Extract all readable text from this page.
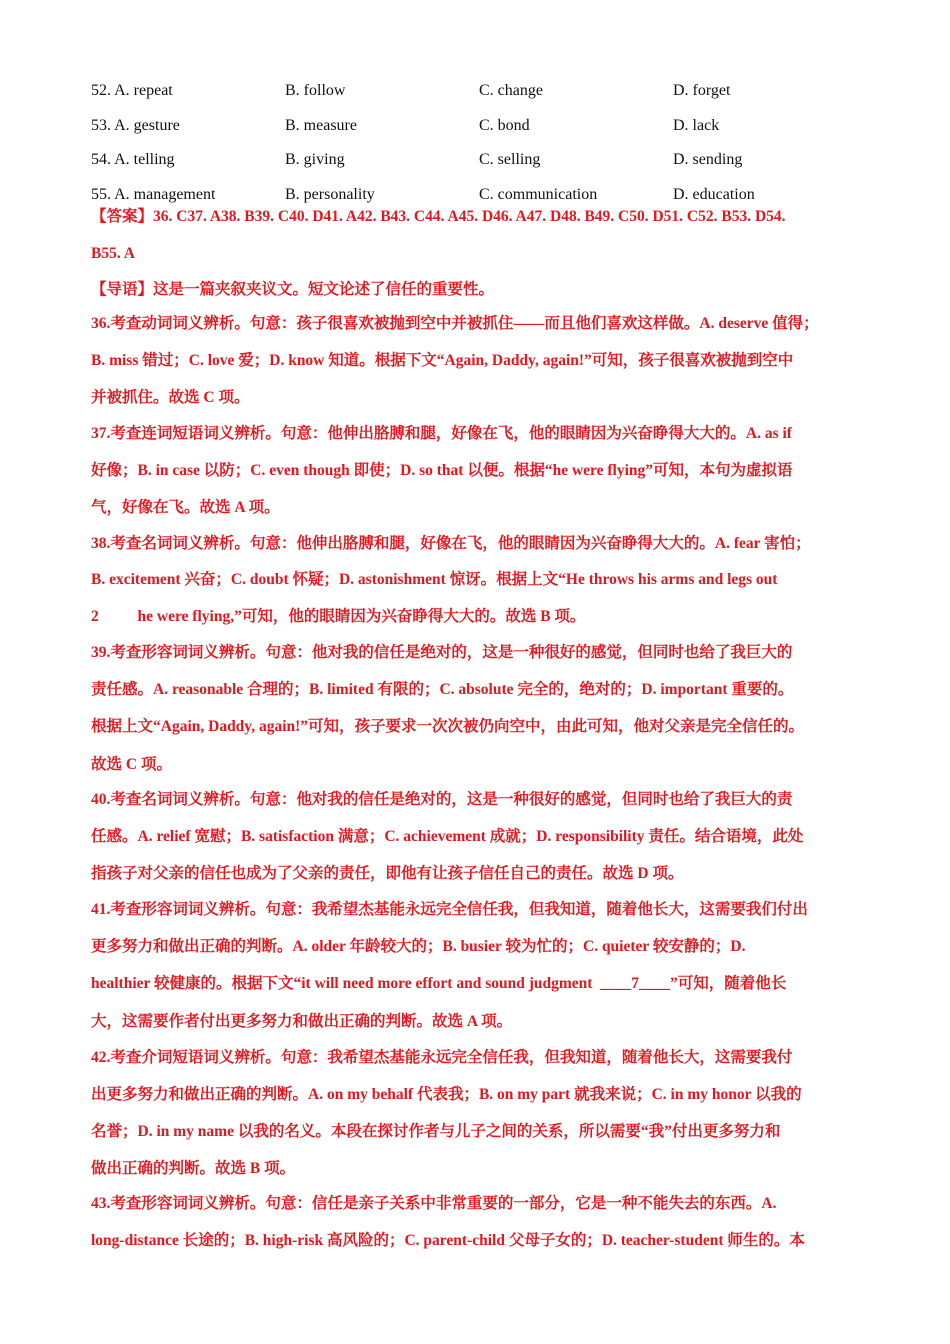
52. A. repeat	B. follow	C. change	D. forget
53. A. gesture	B. measure	C. bond	D. lack
54. A. telling	B. giving	C. selling	D. sending
55. A. management	B. personality	C. communication	D. education
【答案】36. C37. A38. B39. C40. D41. A42. B43. C44. A45. D46. A47. D48. B49. C50. D51. C52. B53. D54.
B55. A
【导语】这是一篇夹叙夹议文。短文论述了信任的重要性。
36.考查动词词义辨析。句意：孩子很喜欢被抛到空中并被抓住——而且他们喜欢这样做。A. deserve 值得；
B. miss 错过；C. love 爱；D. know 知道。根据下文“Again, Daddy, again!”可知，孩子很喜欢被抛到空中
并被抓住。故选 C 项。
37.考查连词短语词义辨析。句意：他伸出胳膊和腿，好像在飞，他的眼睛因为兴奋睁得大大的。A. as if
好像；B. in case 以防；C. even though 即使；D. so that 以便。根据“he were flying”可知，本句为虚拟语
气，好像在飞。故选 A 项。
38.考查名词词义辨析。句意：他伸出胳膊和腿，好像在飞，他的眼睛因为兴奋睁得大大的。A. fear 害怕；
B. excitement 兴奋；C. doubt 怀疑；D. astonishment 惊讶。根据上文“He throws his arms and legs out
2          he were flying,”可知，他的眼睛因为兴奋睁得大大的。故选 B 项。
39.考查形容词词义辨析。句意：他对我的信任是绝对的，这是一种很好的感觉，但同时也给了我巨大的
责任感。A. reasonable 合理的；B. limited 有限的；C. absolute 完全的，绝对的；D. important 重要的。
根据上文“Again, Daddy, again!”可知，孩子要求一次次被仍向空中，由此可知，他对父亲是完全信任的。
故选 C 项。
40.考查名词词义辨析。句意：他对我的信任是绝对的，这是一种很好的感觉，但同时也给了我巨大的责
任感。A. relief 宽慰；B. satisfaction 满意；C. achievement 成就；D. responsibility 责任。结合语境，此处
指孩子对父亲的信任也成为了父亲的责任，即他有让孩子信任自己的责任。故选 D 项。
41.考查形容词词义辨析。句意：我希望杰基能永远完全信任我，但我知道，随着他长大，这需要我们付出
更多努力和做出正确的判断。A. older 年龄较大的；B. busier 较为忙的；C. quieter 较安静的；D.
healthier 较健康的。根据下文“it will need more effort and sound judgment  ____7____”可知，随着他长
大，这需要作者付出更多努力和做出正确的判断。故选 A 项。
42.考查介词短语词义辨析。句意：我希望杰基能永远完全信任我，但我知道，随着他长大，这需要我付
出更多努力和做出正确的判断。A. on my behalf 代表我；B. on my part 就我来说；C. in my honor 以我的
名誉；D. in my name 以我的名义。本段在探讨作者与儿子之间的关系，所以需要“我”付出更多努力和
做出正确的判断。故选 B 项。
43.考查形容词词义辨析。句意：信任是亲子关系中非常重要的一部分，它是一种不能失去的东西。A.
long-distance 长途的；B. high-risk 高风险的；C. parent-child 父母子女的；D. teacher-student 师生的。本
